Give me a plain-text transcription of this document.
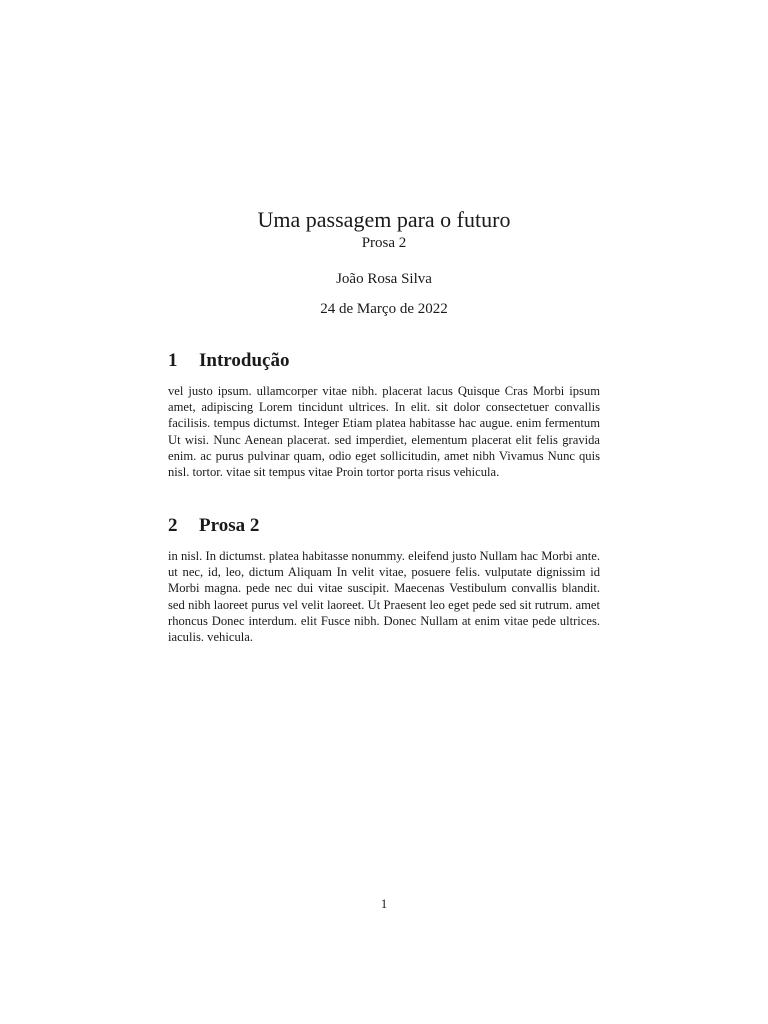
Uma passagem para o futuro
Prosa 2
João Rosa Silva
24 de Março de 2022
1	Introdução

vel justo ipsum. ullamcorper vitae nibh. placerat lacus Quisque Cras Morbi ipsum amet, adipiscing Lorem tincidunt ultrices. In elit. sit dolor consectetuer convallis facilisis. tempus dictumst. Integer Etiam platea habitasse hac augue. enim fermentum Ut wisi. Nunc Aenean placerat. sed imperdiet, elementum placerat elit felis gravida enim. ac purus pulvinar quam, odio eget sollicitudin, amet nibh Vivamus Nunc quis nisl. tortor. vitae sit tempus vitae Proin tortor porta risus vehicula.

2	Prosa 2

in nisl. In dictumst. platea habitasse nonummy. eleifend justo Nullam hac Morbi ante. ut nec, id, leo, dictum Aliquam In velit vitae, posuere felis. vulputate dignissim id Morbi magna. pede nec dui vitae suscipit. Maecenas Vestibulum convallis blandit. sed nibh laoreet purus vel velit laoreet. Ut Praesent leo eget pede sed sit rutrum. amet rhoncus Donec interdum. elit Fusce nibh. Donec Nullam at enim vitae pede ultrices. iaculis. vehicula.

1
